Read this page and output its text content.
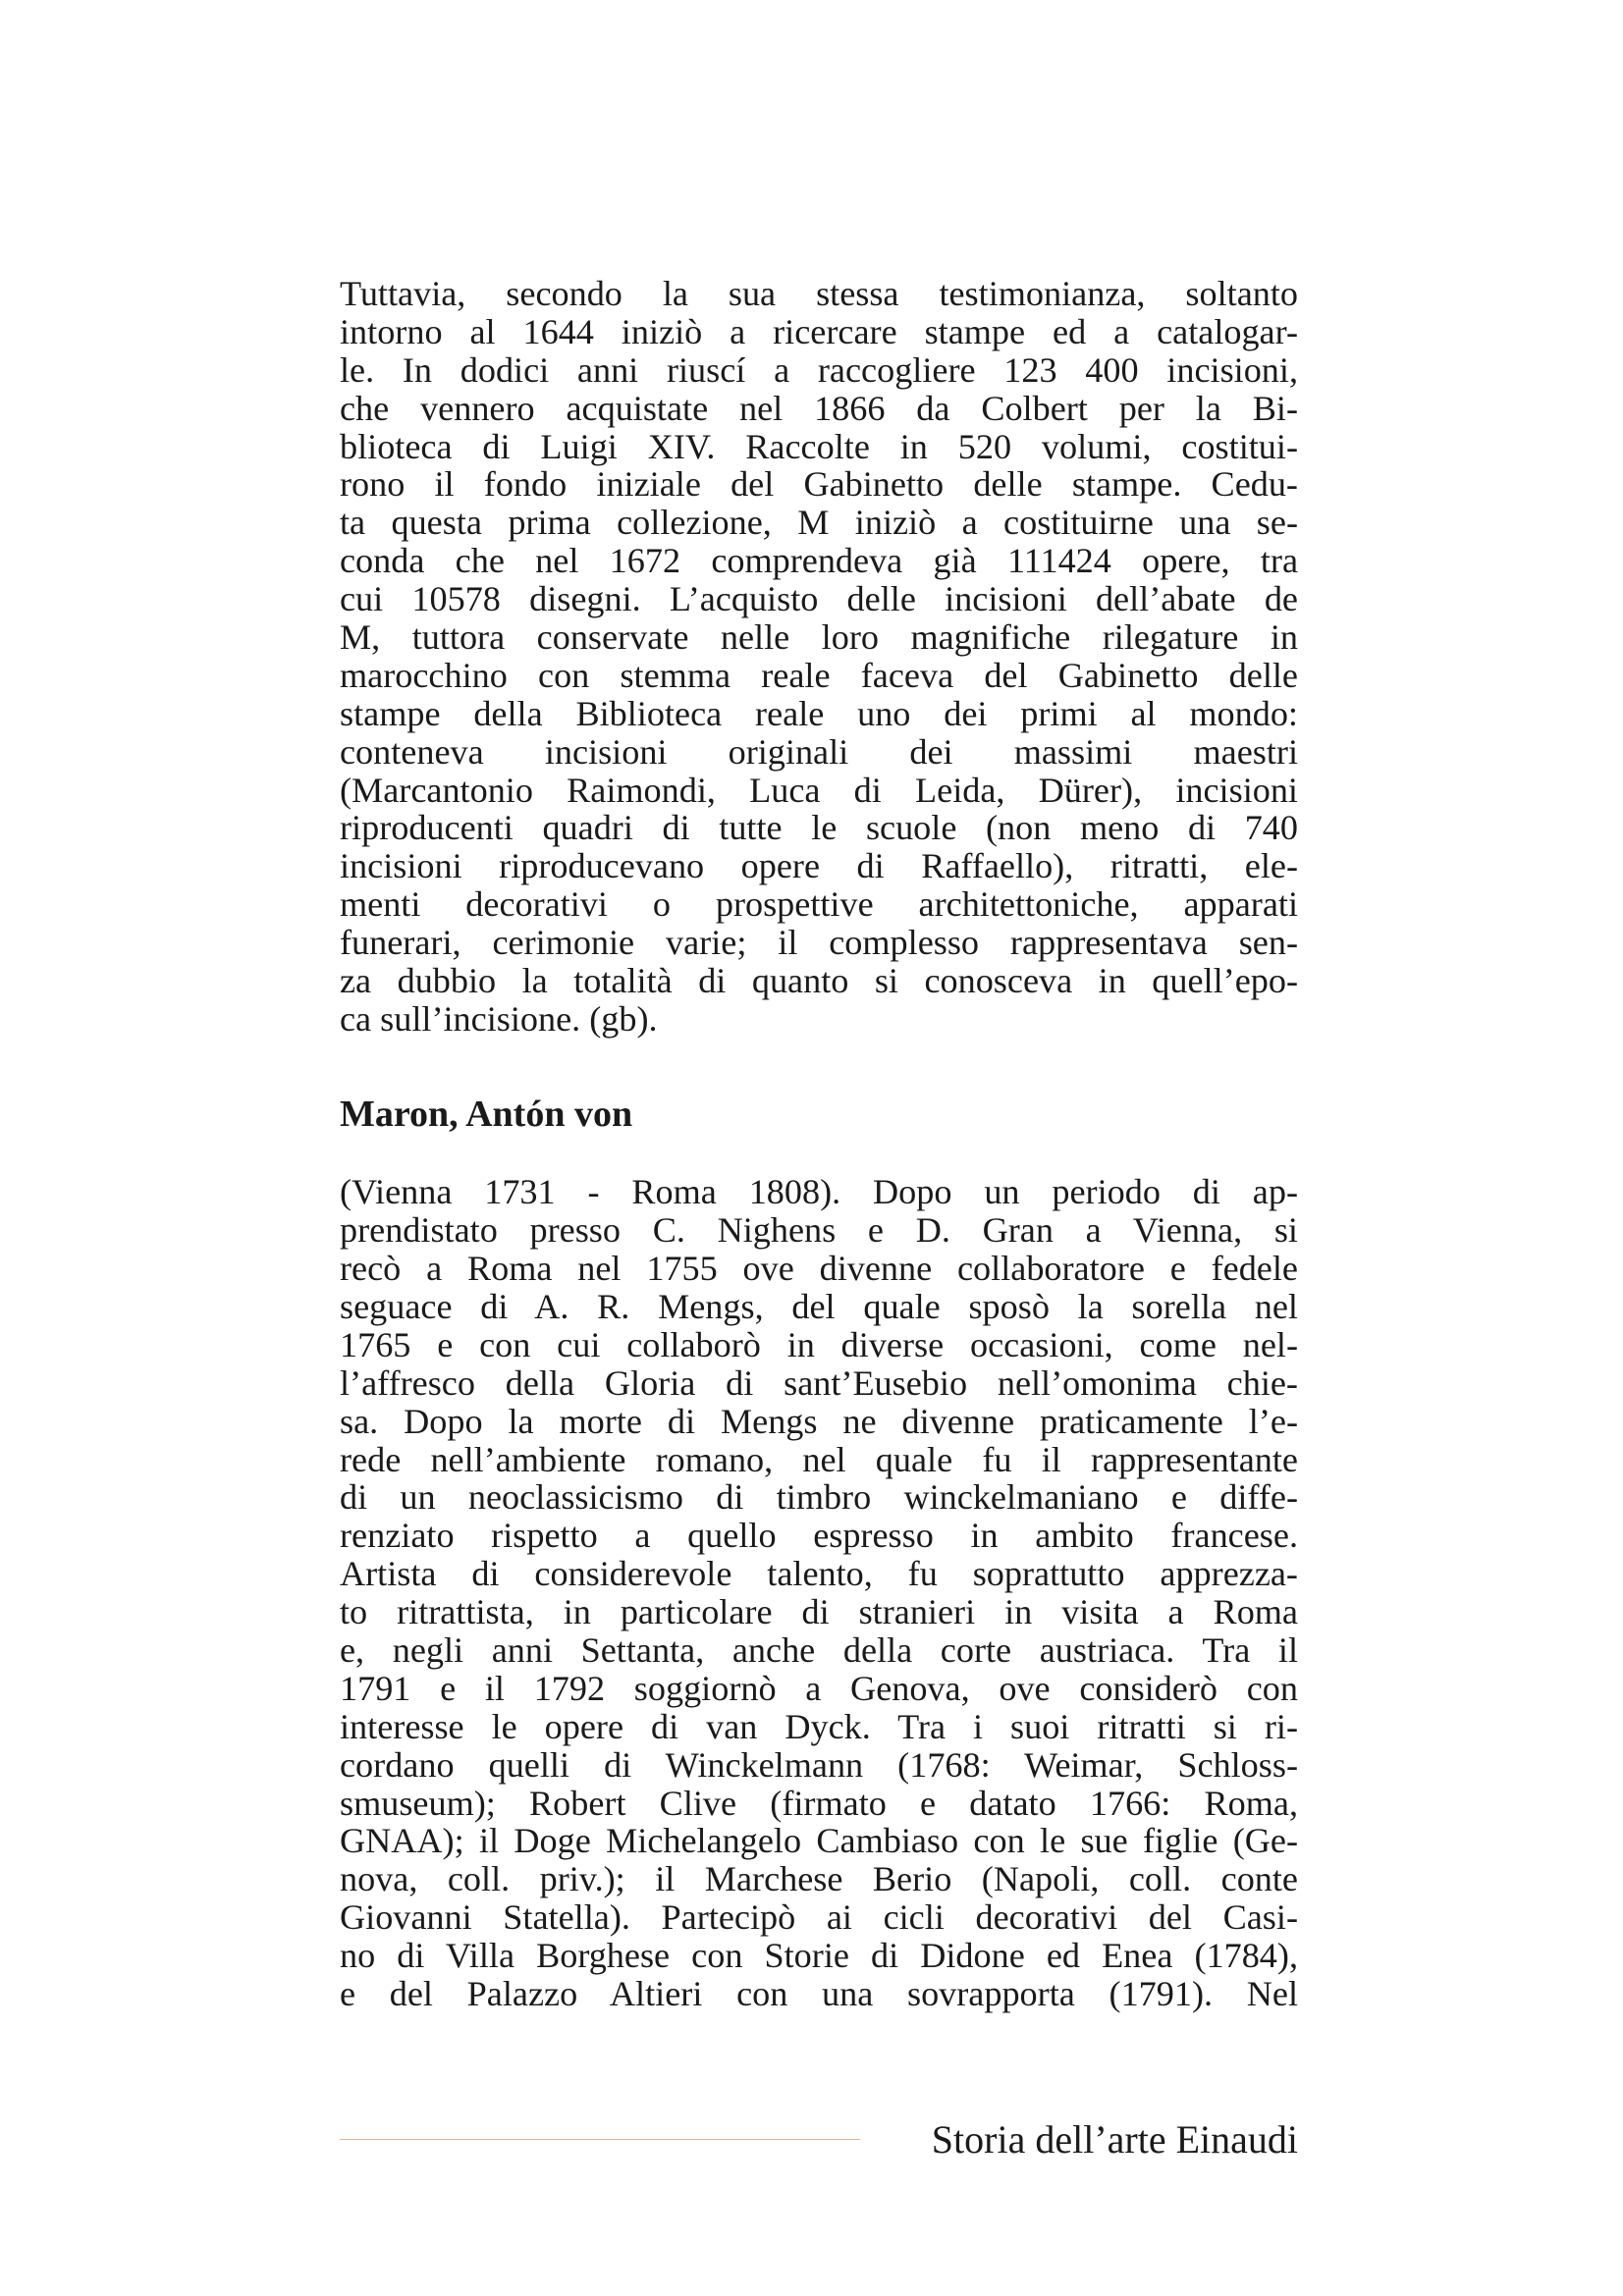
Tuttavia, secondo la sua stessa testimonianza, soltanto
intorno al 1644 iniziò a ricercare stampe ed a catalogar-
le. In dodici anni riuscí a raccogliere 123 400 incisioni,
che vennero acquistate nel 1866 da Colbert per la Bi-
blioteca di Luigi XIV. Raccolte in 520 volumi, costitui-
rono il fondo iniziale del Gabinetto delle stampe. Cedu-
ta questa prima collezione, M iniziò a costituirne una se-
conda che nel 1672 comprendeva già 111424 opere, tra
cui 10578 disegni. L’acquisto delle incisioni dell’abate de
M, tuttora conservate nelle loro magnifiche rilegature in
marocchino con stemma reale faceva del Gabinetto delle
stampe della Biblioteca reale uno dei primi al mondo:
conteneva incisioni originali dei massimi maestri
(Marcantonio Raimondi, Luca di Leida, Dürer), incisioni
riproducenti quadri di tutte le scuole (non meno di 740
incisioni riproducevano opere di Raffaello), ritratti, ele-
menti decorativi o prospettive architettoniche, apparati
funerari, cerimonie varie; il complesso rappresentava sen-
za dubbio la totalità di quanto si conosceva in quell’epo-
ca sull’incisione. (gb).
Maron, Antón von
(Vienna 1731 - Roma 1808). Dopo un periodo di ap-
prendistato presso C. Nighens e D. Gran a Vienna, si
recò a Roma nel 1755 ove divenne collaboratore e fedele
seguace di A. R. Mengs, del quale sposò la sorella nel
1765 e con cui collaborò in diverse occasioni, come nel-
l’affresco della Gloria di sant’Eusebio nell’omonima chie-
sa. Dopo la morte di Mengs ne divenne praticamente l’e-
rede nell’ambiente romano, nel quale fu il rappresentante
di un neoclassicismo di timbro winckelmaniano e diffe-
renziato rispetto a quello espresso in ambito francese.
Artista di considerevole talento, fu soprattutto apprezza-
to ritrattista, in particolare di stranieri in visita a Roma
e, negli anni Settanta, anche della corte austriaca. Tra il
1791 e il 1792 soggiornò a Genova, ove considerò con
interesse le opere di van Dyck. Tra i suoi ritratti si ri-
cordano quelli di Winckelmann (1768: Weimar, Schloss-
smuseum); Robert Clive (firmato e datato 1766: Roma,
GNAA); il Doge Michelangelo Cambiaso con le sue figlie (Ge-
nova, coll. priv.); il Marchese Berio (Napoli, coll. conte
Giovanni Statella). Partecipò ai cicli decorativi del Casi-
no di Villa Borghese con Storie di Didone ed Enea (1784),
e del Palazzo Altieri con una sovrapporta (1791). Nel
Storia dell’arte Einaudi
